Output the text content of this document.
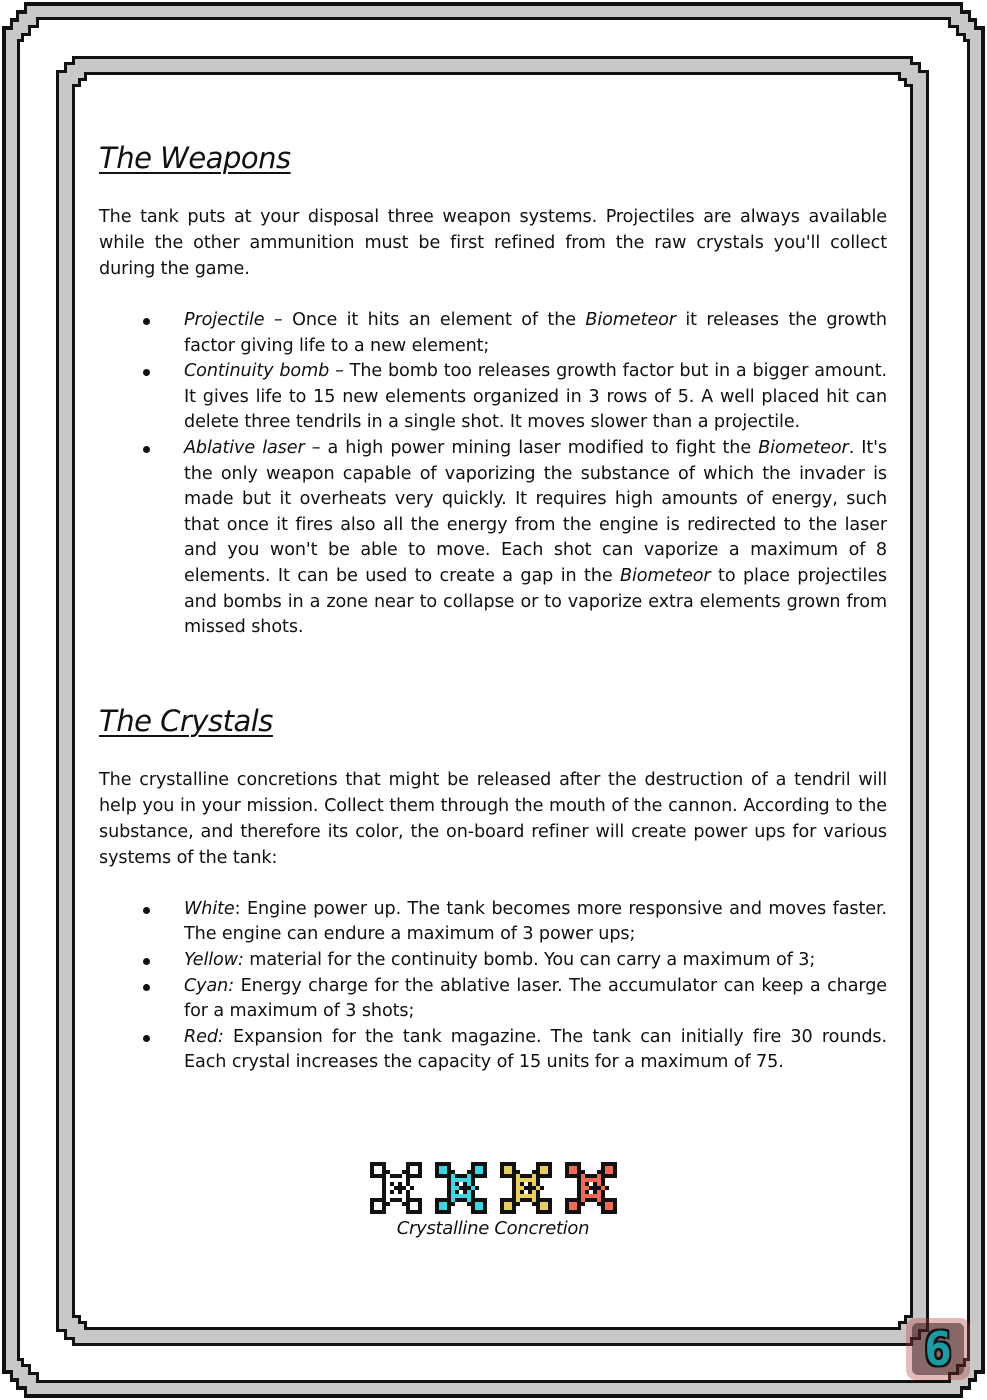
The Weapons

The tank puts at your disposal three weapon systems. Projectiles are always available while the other ammunition must be first refined from the raw crystals you'll collect during the game.

Projectile – Once it hits an element of the Biometeor it releases the growth factor giving life to a new element;
Continuity bomb – The bomb too releases growth factor but in a bigger amount. It gives life to 15 new elements organized in 3 rows of 5. A well placed hit can delete three tendrils in a single shot. It moves slower than a projectile.
Ablative laser – a high power mining laser modified to fight the Biometeor. It's the only weapon capable of vaporizing the substance of which the invader is made but it overheats very quickly. It requires high amounts of energy, such that once it fires also all the energy from the engine is redirected to the laser and you won't be able to move. Each shot can vaporize a maximum of 8 elements. It can be used to create a gap in the Biometeor to place projectiles and bombs in a zone near to collapse or to vaporize extra elements grown from missed shots.
The Crystals

The crystalline concretions that might be released after the destruction of a tendril will help you in your mission. Collect them through the mouth of the cannon. According to the substance, and therefore its color, the on-board refiner will create power ups for various systems of the tank:

White: Engine power up. The tank becomes more responsive and moves faster. The engine can endure a maximum of 3 power ups;
Yellow: material for the continuity bomb. You can carry a maximum of 3;
Cyan: Energy charge for the ablative laser. The accumulator can keep a charge for a maximum of 3 shots;
Red: Expansion for the tank magazine. The tank can initially fire 30 rounds. Each crystal increases the capacity of 15 units for a maximum of 75.
Crystalline Concretion
6
